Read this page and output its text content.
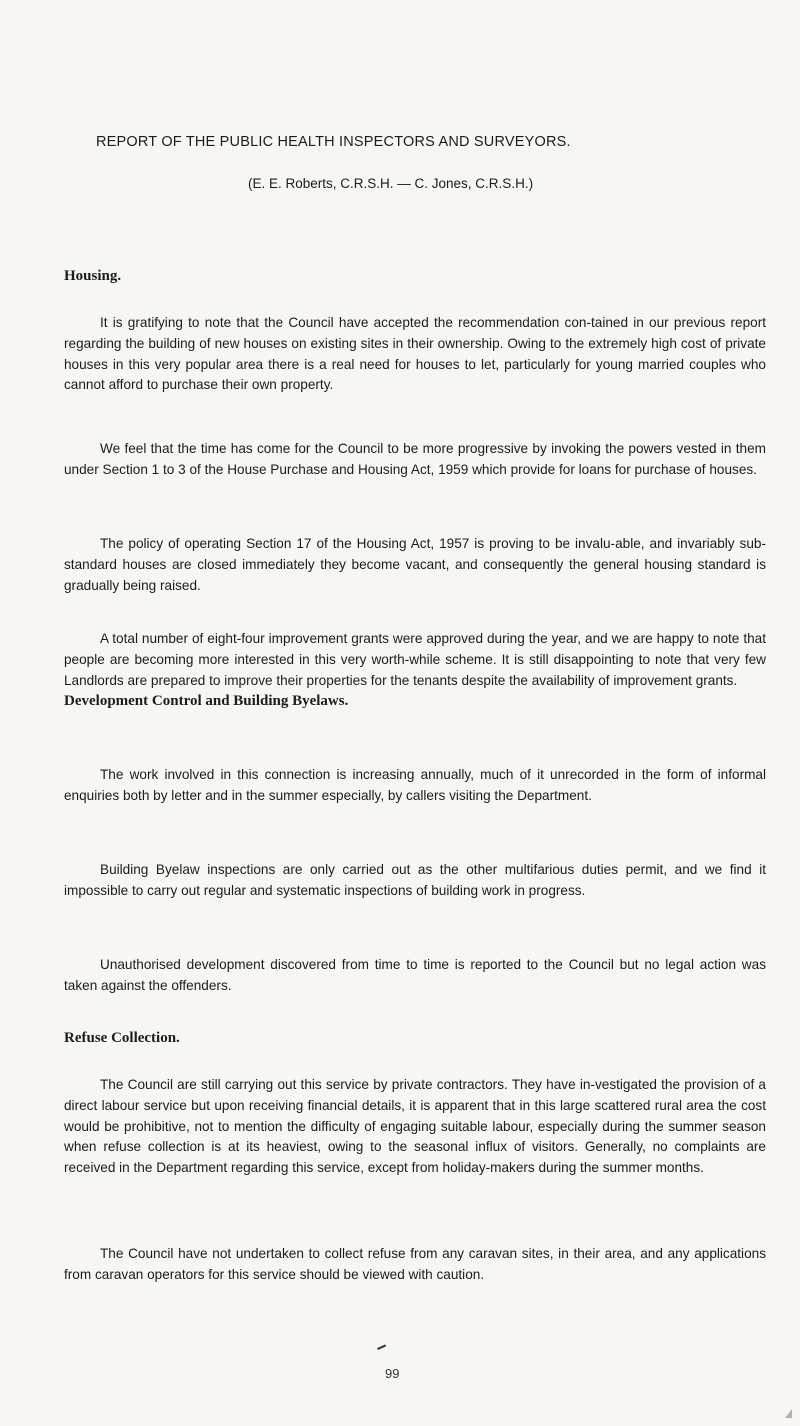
REPORT OF THE PUBLIC HEALTH INSPECTORS AND SURVEYORS.
(E. E. Roberts, C.R.S.H. — C. Jones, C.R.S.H.)
Housing.

It is gratifying to note that the Council have accepted the recommendation con-tained in our previous report regarding the building of new houses on existing sites in their ownership. Owing to the extremely high cost of private houses in this very popular area there is a real need for houses to let, particularly for young married couples who cannot afford to purchase their own property.

We feel that the time has come for the Council to be more progressive by invoking the powers vested in them under Section 1 to 3 of the House Purchase and Housing Act, 1959 which provide for loans for purchase of houses.

The policy of operating Section 17 of the Housing Act, 1957 is proving to be invalu-able, and invariably sub-standard houses are closed immediately they become vacant, and consequently the general housing standard is gradually being raised.

A total number of eight-four improvement grants were approved during the year, and we are happy to note that people are becoming more interested in this very worth-while scheme. It is still disappointing to note that very few Landlords are prepared to improve their properties for the tenants despite the availability of improvement grants.
Development Control and Building Byelaws.

The work involved in this connection is increasing annually, much of it unrecorded in the form of informal enquiries both by letter and in the summer especially, by callers visiting the Department.

Building Byelaw inspections are only carried out as the other multifarious duties permit, and we find it impossible to carry out regular and systematic inspections of building work in progress.

Unauthorised development discovered from time to time is reported to the Council but no legal action was taken against the offenders.

Refuse Collection.

The Council are still carrying out this service by private contractors. They have in-vestigated the provision of a direct labour service but upon receiving financial details, it is apparent that in this large scattered rural area the cost would be prohibitive, not to mention the difficulty of engaging suitable labour, especially during the summer season when refuse collection is at its heaviest, owing to the seasonal influx of visitors. Generally, no complaints are received in the Department regarding this service, except from holiday-makers during the summer months.

The Council have not undertaken to collect refuse from any caravan sites, in their area, and any applications from caravan operators for this service should be viewed with caution.

99
